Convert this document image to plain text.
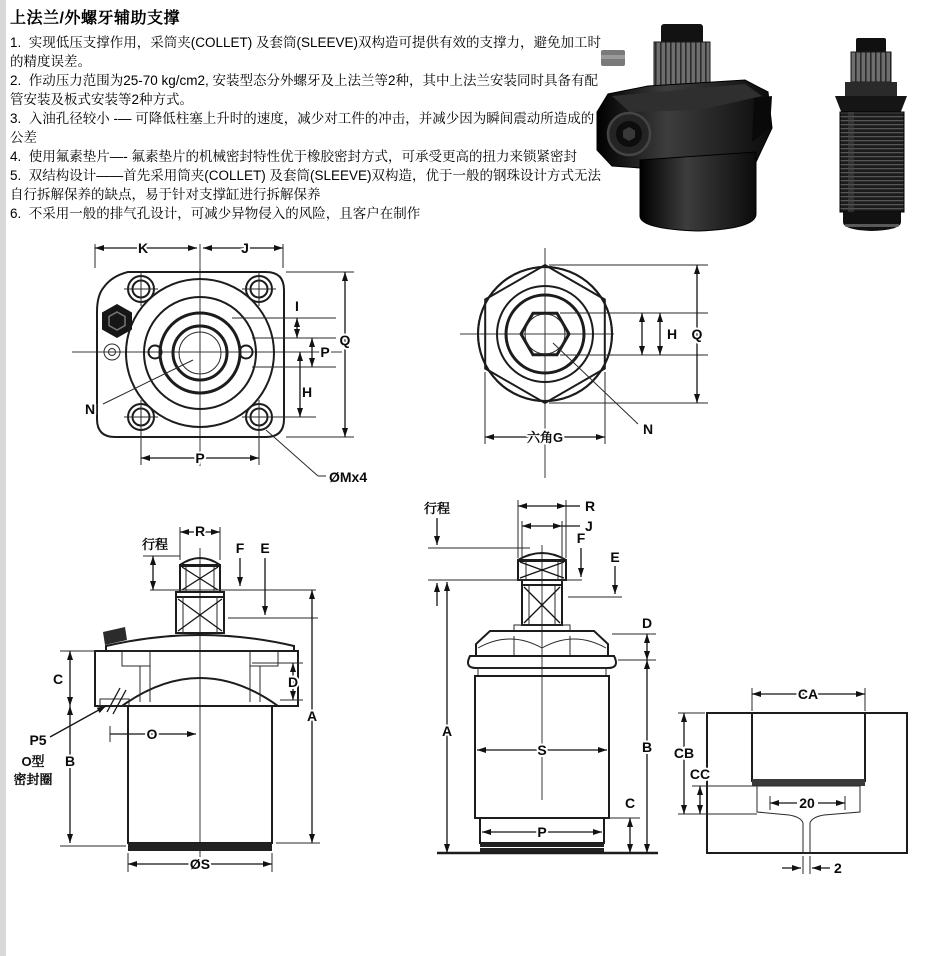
上法兰/外螺牙辅助支撑

1.  实现低压支撑作用，采筒夹(COLLET) 及套筒(SLEEVE)双构造可提供有效的支撑力，避免加工时的精度误差。

2.  作动压力范围为25-70 kg/cm2, 安装型态分外螺牙及上法兰等2种，其中上法兰安装同时具备有配管安装及板式安装等2种方式。

3.  入油孔径较小 -— 可降低柱塞上升时的速度，减少对工件的冲击，并减少因为瞬间震动所造成的公差

4.  使用氟素垫片—- 氟素垫片的机械密封特性优于橡胶密封方式，可承受更高的扭力来锁紧密封

5.  双结构设计——首先采用筒夹(COLLET) 及套筒(SLEEVE)双构造，优于一般的钢珠设计方式无法自行拆解保养的缺点，易于针对支撑缸进行拆解保养

6.  不采用一般的排气孔设计，可减少异物侵入的风险，且客户在制作

K	J
I
P
Q
H
N
P
ØMx4
H Q
六角G
N
行程
R
F E
C
B
D
A
P5
O型
密封圈
O
ØS
行程	R
J
F
E
D
B
C
A
S
P
CA
CB
CC
20
2
